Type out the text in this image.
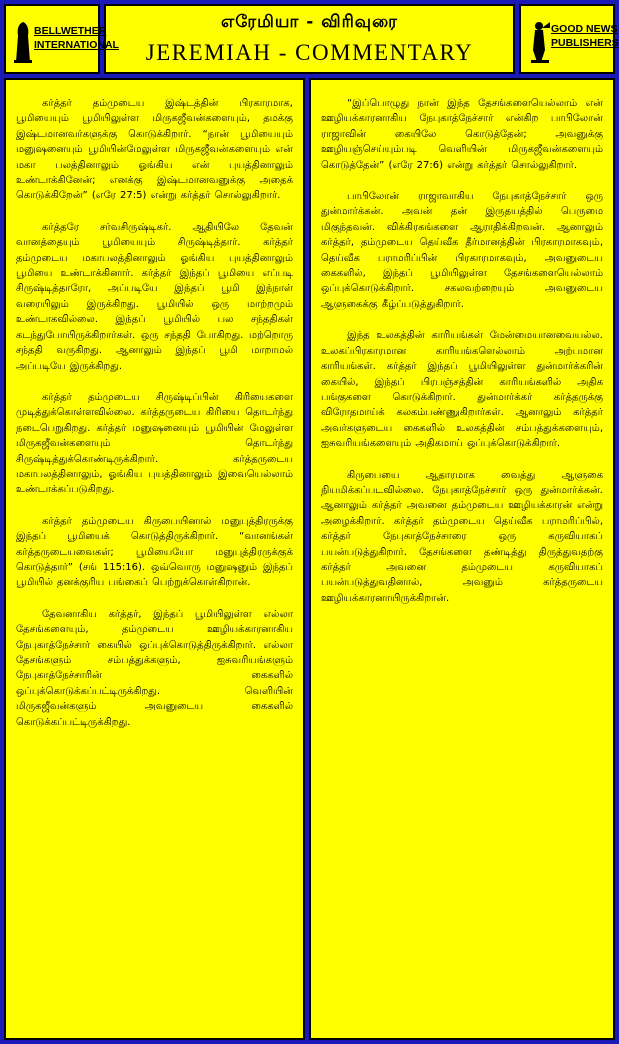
BELLWETHER
INTERNATIONAL
எரேமியா - விரிவுரை
JEREMIAH - COMMENTARY
GOOD NEWS
PUBLISHERS

கர்த்தர் தம்முடைய இஷ்டத்தின் பிரகாரமாக, பூமியையும் பூமியிலுள்ள மிருகஜீவன்களையும், தமக்கு இஷ்டமானவர்களுக்கு கொடுக்கிறார். “நான் பூமியையும் மனுஷனையும் பூமியின்மேலுள்ள மிருகஜீவன்களையும் என் மகா பலத்தினாலும் ஓங்கிய என் புயத்தினாலும் உண்டாக்கினேன்; எனக்கு இஷ்டமானவனுக்கு அதைக் கொடுக்கிறேன்” (எரே 27:5) என்று கர்த்தர் சொல்லுகிறார்.

கர்த்தரே சர்வசிருஷ்டிகர். ஆதியிலே தேவன் வானத்தையும் பூமியையும் சிருஷ்டித்தார். கர்த்தர் தம்முடைய மகாபலத்தினாலும் ஓங்கிய புயத்தினாலும் பூமியை உண்டாக்கினார். கர்த்தர் இந்தப் பூமியை எப்படி சிருஷ்டித்தாரோ, அப்படியே இந்தப் பூமி இந்நாள் வரையிலும் இருக்கிறது. பூமியில் ஒரு மாற்றமும் உண்டாகவில்லை. இந்தப் பூமியில் பல சந்ததிகள் கடந்துபோயிருக்கிறார்கள். ஒரு சந்ததி போகிறது. மற்றொரு சந்ததி வருகிறது. ஆனாலும் இந்தப் பூமி மாறாமல் அப்படியே இருக்கிறது.

கர்த்தர் தம்முடைய சிருஷ்டிப்பின் கிரியைகளை முடித்துக்கொள்ளவில்லை. கர்த்தருடைய கிரியை தொடர்ந்து நடைபெறுகிறது. கர்த்தர் மனுஷனையும் பூமியின் மேலுள்ள மிருகஜீவன்களையும் தொடர்ந்து சிருஷ்டித்துக்கொண்டிருக்கிறார். கர்த்தருடைய மகாபலத்தினாலும், ஓங்கிய புயத்தினாலும் இவையெல்லாம் உண்டாக்கப்படுகிறது.

கர்த்தர் தம்முடைய கிருபையினால் மனுபுத்திரருக்கு இந்தப் பூமியைக் கொடுத்திருக்கிறார். “வானங்கள் கர்த்தருடையவைகள்; பூமியையோ மனுபுத்திரருக்குக் கொடுத்தார்” (சங் 115:16). ஒவ்வொரு மனுஷனும் இந்தப் பூமியில் தனக்குரிய பங்கைப் பெற்றுக்கொள்கிறான்.

தேவனாகிய கர்த்தர், இந்தப் பூமியிலுள்ள எல்லா தேசங்களையும், தம்முடைய ஊழியக்காரனாகிய நேபுகாத்நேச்சார் கையில் ஒப்புக்கொடுத்திருக்கிறார். எல்லா தேசங்களும் சம்பத்துக்களும், ஐசுவரியங்களும் நேபுகாத்நேச்சாரின் கைகளில் ஒப்புக்கொடுக்கப்பட்டிருக்கிறது. வெளியின் மிருகஜீவன்களும் அவனுடைய கைகளில் கொடுக்கப்பட்டிருக்கிறது.

“இப்பொழுது நான் இந்த தேசங்களையெல்லாம் என் ஊழியக்காரனாகிய நேபுகாத்நேச்சார் என்கிற பாபிலோன் ராஜாவின் கையிலே கொடுத்தேன்; அவனுக்கு ஊழியஞ்செய்யும்படி வெளியின் மிருகஜீவன்களையும் கொடுத்தேன்” (எரே 27:6) என்று கர்த்தர் சொல்லுகிறார்.

பாபிலோன் ராஜாவாகிய நேபுகாத்நேச்சார் ஒரு துன்மார்க்கன். அவன் தன் இருதயத்தில் பெருமை மிகுந்தவன். விக்கிரகங்களை ஆராதிக்கிறவன். ஆனாலும் கர்த்தர், தம்முடைய தெய்வீக தீர்மானத்தின் பிரகாரமாகவும், தெய்வீக பராமரிப்பின் பிரகாரமாகவும், அவனுடைய கைகளில், இந்தப் பூமியிலுள்ள தேசங்களையெல்லாம் ஒப்புக்கொடுக்கிறார். சகலவற்றையும் அவனுடைய ஆளுகைக்கு கீழ்ப்படுத்துகிறார்.

இந்த உலகத்தின் காரியங்கள் மேன்மையானவையல்ல. உலகப்பிரகாரமான காரியங்களெல்லாம் அற்பமான காரியங்கள். கர்த்தர் இந்தப் பூமியிலுள்ள துன்மார்க்கரின் கையில், இந்தப் பிரபஞ்சத்தின் காரியங்களில் அதிக பங்குகளை கொடுக்கிறார். துன்மார்க்கர் கர்த்தருக்கு விரோதமாய்க் கலகம்பண்ணுகிறார்கள். ஆனாலும் கர்த்தர் அவர்களுடைய கைகளில் உலகத்தின் சம்பத்துக்களையும், ஐசுவரியங்களையும் அதிகமாய் ஒப்புக்கொடுக்கிறார்.

கிருபையை ஆதாரமாக வைத்து ஆளுகை நியமிக்கப்படவில்லை. நேபுகாத்நேச்சார் ஒரு துன்மார்க்கன். ஆனாலும் கர்த்தர் அவனை தம்முடைய ஊழியக்காரன் என்று அழைக்கிறார். கர்த்தர் தம்முடைய தெய்வீக பராமரிப்பில், கர்த்தர் நேபுகாத்நேச்சாரை ஒரு கருவியாகப் பயன்படுத்துகிறார். தேசங்களை தண்டித்து திருத்துவதற்கு கர்த்தர் அவனை தம்முடைய கருவியாகப் பயன்படுத்துவதினால், அவனும் கர்த்தருடைய ஊழியக்காரனாயிருக்கிறான்.
